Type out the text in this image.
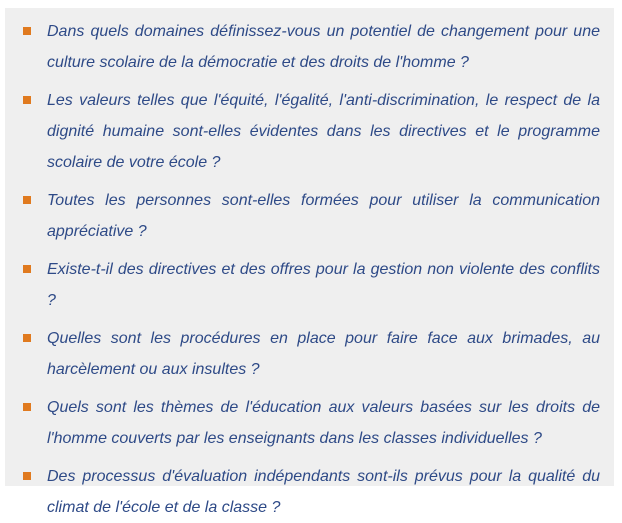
Dans quels domaines définissez-vous un potentiel de changement pour une culture scolaire de la démocratie et des droits de l'homme ?
Les valeurs telles que l'équité, l'égalité, l'anti-discrimination, le respect de la dignité humaine sont-elles évidentes dans les directives et le programme scolaire de votre école ?
Toutes les personnes sont-elles formées pour utiliser la communication appréciative ?
Existe-t-il des directives et des offres pour la gestion non violente des conflits ?
Quelles sont les procédures en place pour faire face aux brimades, au harcèlement ou aux insultes ?
Quels sont les thèmes de l'éducation aux valeurs basées sur les droits de l'homme couverts par les enseignants dans les classes individuelles ?
Des processus d'évaluation indépendants sont-ils prévus pour la qualité du climat de l'école et de la classe ?
